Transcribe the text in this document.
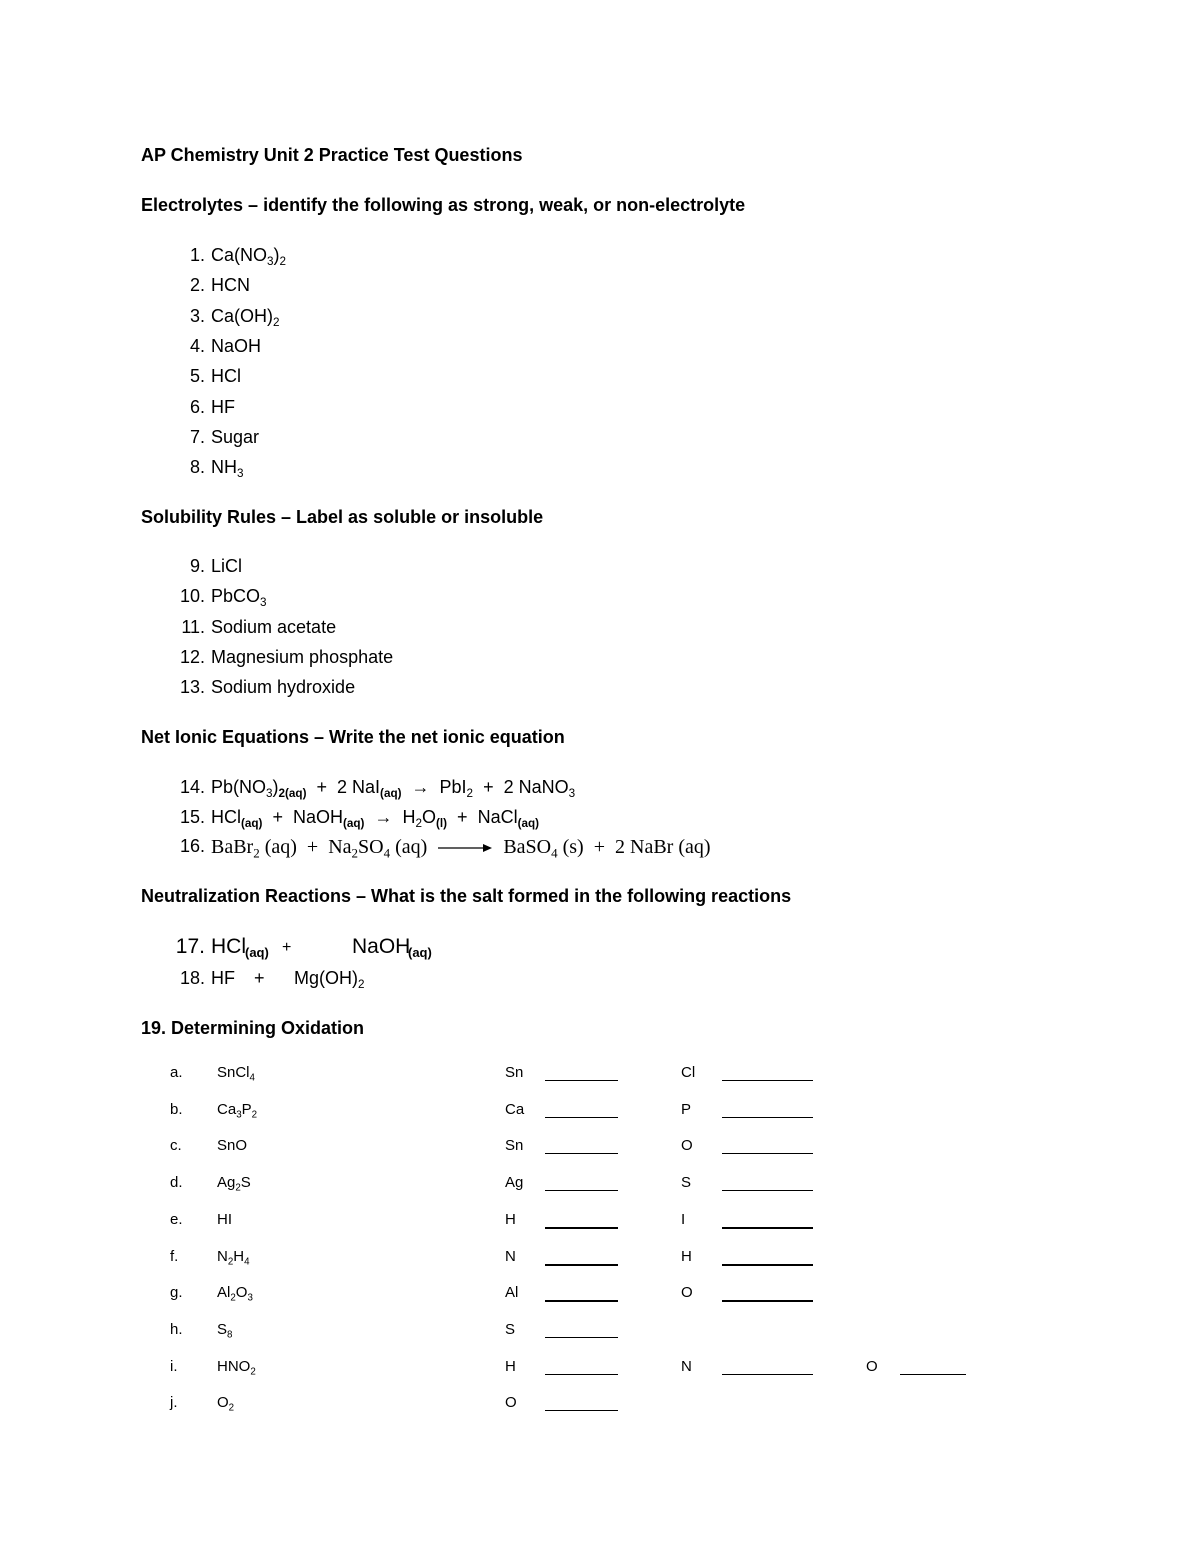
AP Chemistry Unit 2 Practice Test Questions
Electrolytes – identify the following as strong, weak, or non-electrolyte
1. $Ca(NO_3)_2$
2. HCN
3. $Ca(OH)_2$
4. NaOH
5. HCl
6. HF
7. Sugar
8. $NH_3$
Solubility Rules – Label as soluble or insoluble
9. LiCl
10. PbCO$_3$
11. Sodium acetate
12. Magnesium phosphate
13. Sodium hydroxide
Net Ionic Equations – Write the net ionic equation
14. $Pb(NO_3)_{2(aq)} + 2$ NaI$_{(aq)}$ → PbI$_2$ + 2 NaNO$_3$
15. HCl$_{(aq)}$ + NaOH$_{(aq)}$ → $H_2O_{(l)}$ + NaCl$_{(aq)}$
16. BaBr$_2$ $(aq) + Na_2SO_4$ (aq)	BaSO$_4$ (s) + 2 NaBr (aq)
Neutralization Reactions – What is the salt formed in the following reactions
17. HCl (aq) +	NaOH
(aq)
18. HF + $Mg(OH)_2$
19. Determining Oxidation
a. SnCl$_4$	Sn	Cl
b. $Ca_3P_2$	Ca	P
c. SnO	Sn	O
d. $Ag_2S$	Ag	S
e. HI	H	I
f.	$N_2H_4$	N	H
g. $Al_2O_3$	Al	O
h. $S_8$	S
i.	$HNO_2$	H	N	O
j.	$O_2$	O
